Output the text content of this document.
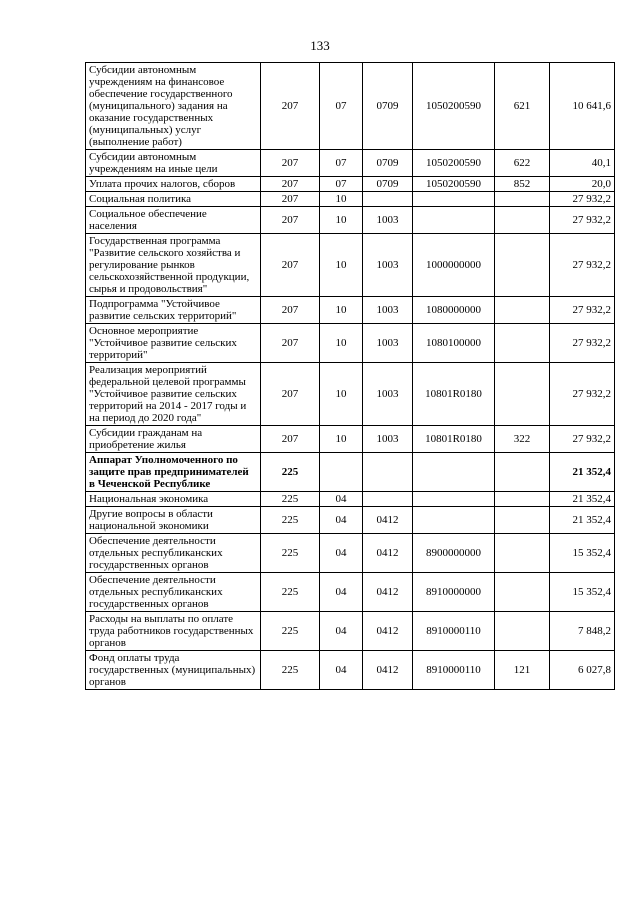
133
Субсидии автономным учреждениям на финансовое обеспечение государственного (муниципального) задания на оказание государственных (муниципальных) услуг (выполнение работ)	207	07	0709	1050200590	621	10 641,6
Субсидии автономным учреждениям на иные цели	207	07	0709	1050200590	622	40,1
Уплата прочих налогов, сборов	207	07	0709	1050200590	852	20,0
Социальная политика	207	10				27 932,2
Социальное обеспечение населения	207	10	1003			27 932,2
Государственная программа "Развитие сельского хозяйства и регулирование рынков сельскохозяйственной продукции, сырья и продовольствия"	207	10	1003	1000000000		27 932,2
Подпрограмма "Устойчивое развитие сельских территорий"	207	10	1003	1080000000		27 932,2
Основное мероприятие "Устойчивое развитие сельских территорий"	207	10	1003	1080100000		27 932,2
Реализация мероприятий федеральной целевой программы "Устойчивое развитие сельских территорий на 2014 - 2017 годы и на период до 2020 года"	207	10	1003	10801R0180		27 932,2
Субсидии гражданам на приобретение жилья	207	10	1003	10801R0180	322	27 932,2
Аппарат Уполномоченного по защите прав предпринимателей в Чеченской Республике	225					21 352,4
Национальная экономика	225	04				21 352,4
Другие вопросы в области национальной экономики	225	04	0412			21 352,4
Обеспечение деятельности отдельных республиканских государственных органов	225	04	0412	8900000000		15 352,4
Обеспечение деятельности отдельных республиканских государственных органов	225	04	0412	8910000000		15 352,4
Расходы на выплаты по оплате труда работников государственных органов	225	04	0412	8910000110		7 848,2
Фонд оплаты труда государственных (муниципальных) органов	225	04	0412	8910000110	121	6 027,8
